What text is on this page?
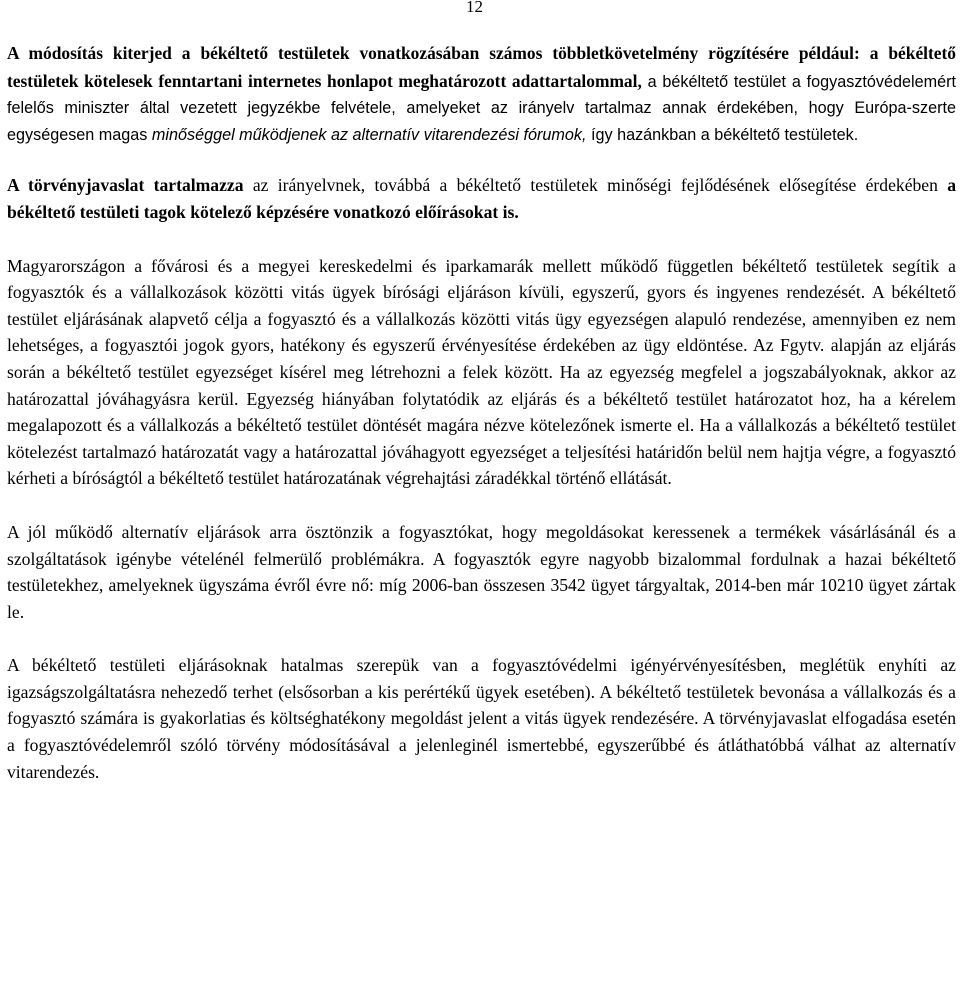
12

A módosítás kiterjed a békéltető testületek vonatkozásában számos többletkövetelmény rögzítésére például: a békéltető testületek kötelesek fenntartani internetes honlapot meghatározott adattartalommal, a békéltető testület a fogyasztóvédelemért felelős miniszter által vezetett jegyzékbe felvétele, amelyeket az irányelv tartalmaz annak érdekében, hogy Európa-szerte egységesen magas minőséggel működjenek az alternatív vitarendezési fórumok, így hazánkban a békéltető testületek.

A törvényjavaslat tartalmazza az irányelvnek, továbbá a békéltető testületek minőségi fejlődésének elősegítése érdekében a békéltető testületi tagok kötelező képzésére vonatkozó előírásokat is.

Magyarországon a fővárosi és a megyei kereskedelmi és iparkamarák mellett működő független békéltető testületek segítik a fogyasztók és a vállalkozások közötti vitás ügyek bírósági eljáráson kívüli, egyszerű, gyors és ingyenes rendezését. A békéltető testület eljárásának alapvető célja a fogyasztó és a vállalkozás közötti vitás ügy egyezségen alapuló rendezése, amennyiben ez nem lehetséges, a fogyasztói jogok gyors, hatékony és egyszerű érvényesítése érdekében az ügy eldöntése. Az Fgytv. alapján az eljárás során a békéltető testület egyezséget kísérel meg létrehozni a felek között. Ha az egyezség megfelel a jogszabályoknak, akkor az határozattal jóváhagyásra kerül. Egyezség hiányában folytatódik az eljárás és a békéltető testület határozatot hoz, ha a kérelem megalapozott és a vállalkozás a békéltető testület döntését magára nézve kötelezőnek ismerte el. Ha a vállalkozás a békéltető testület kötelezést tartalmazó határozatát vagy a határozattal jóváhagyott egyezséget a teljesítési határidőn belül nem hajtja végre, a fogyasztó kérheti a bíróságtól a békéltető testület határozatának végrehajtási záradékkal történő ellátását.

A jól működő alternatív eljárások arra ösztönzik a fogyasztókat, hogy megoldásokat keressenek a termékek vásárlásánál és a szolgáltatások igénybe vételénél felmerülő problémákra. A fogyasztók egyre nagyobb bizalommal fordulnak a hazai békéltető testületekhez, amelyeknek ügyszáma évről évre nő: míg 2006-ban összesen 3542 ügyet tárgyaltak, 2014-ben már 10210 ügyet zártak le.

A békéltető testületi eljárásoknak hatalmas szerepük van a fogyasztóvédelmi igényérvényesítésben, meglétük enyhíti az igazságszolgáltatásra nehezedő terhet (elsősorban a kis perértékű ügyek esetében). A békéltető testületek bevonása a vállalkozás és a fogyasztó számára is gyakorlatias és költséghatékony megoldást jelent a vitás ügyek rendezésére. A törvényjavaslat elfogadása esetén a fogyasztóvédelemről szóló törvény módosításával a jelenleginél ismertebbé, egyszerűbbé és átláthatóbbá válhat az alternatív vitarendezés.
